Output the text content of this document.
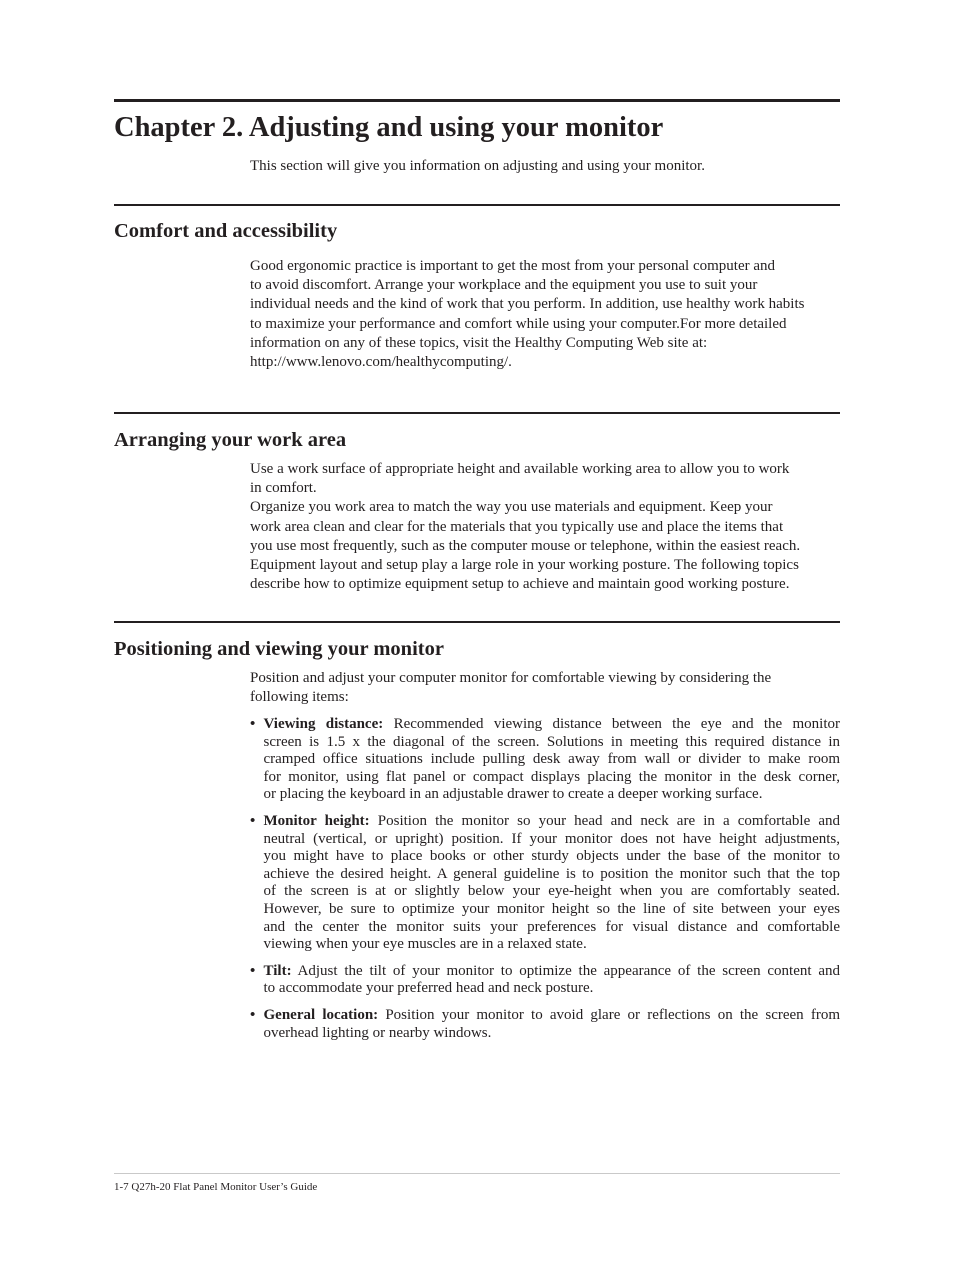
Chapter 2. Adjusting and using your monitor

This section will give you information on adjusting and using your monitor.

Comfort and accessibility

Good ergonomic practice is important to get the most from your personal computer and
to avoid discomfort. Arrange your workplace and the equipment you use to suit your
individual needs and the kind of work that you perform. In addition, use healthy work habits
to maximize your performance and comfort while using your computer.For more detailed
information on any of these topics, visit the Healthy Computing Web site at:
http://www.lenovo.com/healthycomputing/.

Arranging your work area

Use a work surface of appropriate height and available working area to allow you to work
in comfort.
Organize you work area to match the way you use materials and equipment. Keep your
work area clean and clear for the materials that you typically use and place the items that
you use most frequently, such as the computer mouse or telephone, within the easiest reach.
Equipment layout and setup play a large role in your working posture. The following topics
describe how to optimize equipment setup to achieve and maintain good working posture.

Positioning and viewing your monitor

Position and adjust your computer monitor for comfortable viewing by considering the
following items:

• Viewing distance: Recommended viewing distance between the eye and the monitor
screen is 1.5 x the diagonal of the screen. Solutions in meeting this required distance in
cramped office situations include pulling desk away from wall or divider to make room
for monitor, using flat panel or compact displays placing the monitor in the desk corner,
or placing the keyboard in an adjustable drawer to create a deeper working surface.
• Monitor height: Position the monitor so your head and neck are in a comfortable and
neutral (vertical, or upright) position. If your monitor does not have height adjustments,
you might have to place books or other sturdy objects under the base of the monitor to
achieve the desired height. A general guideline is to position the monitor such that the top
of the screen is at or slightly below your eye-height when you are comfortably seated.
However, be sure to optimize your monitor height so the line of site between your eyes
and the center the monitor suits your preferences for visual distance and comfortable
viewing when your eye muscles are in a relaxed state.
• Tilt: Adjust the tilt of your monitor to optimize the appearance of the screen content and
to accommodate your preferred head and neck posture.
• General location: Position your monitor to avoid glare or reflections on the screen from
overhead lighting or nearby windows.

1-7 Q27h-20 Flat Panel Monitor User’s Guide
